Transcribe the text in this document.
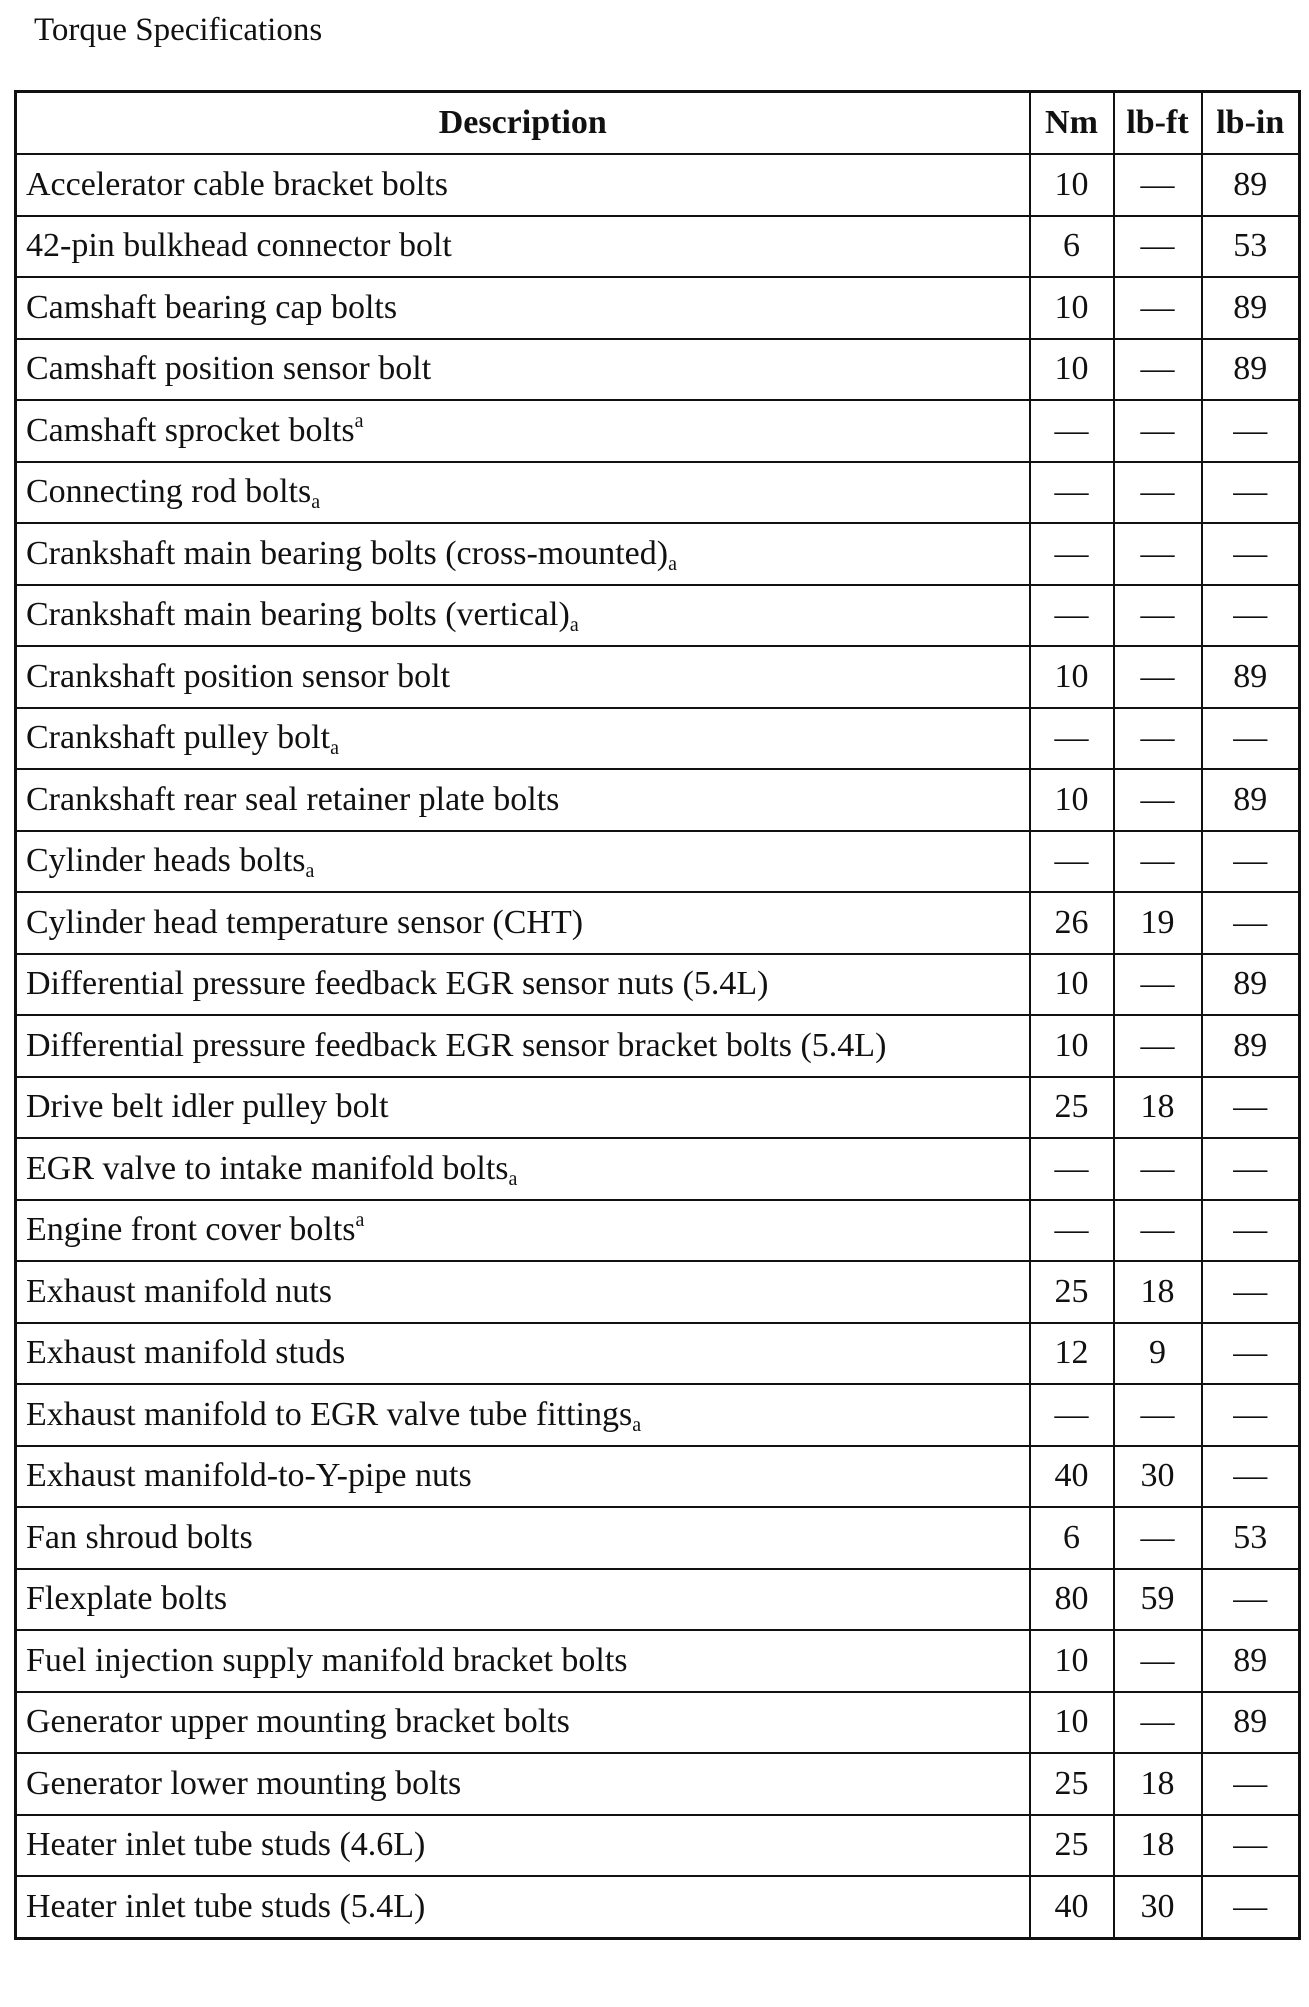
Torque Specifications
Description	Nm	lb-ft	lb-in
Accelerator cable bracket bolts	10	—	89
42-pin bulkhead connector bolt	6	—	53
Camshaft bearing cap bolts	10	—	89
Camshaft position sensor bolt	10	—	89
Camshaft sprocket bolts$^a$	—	—	—
Connecting rod boltsa	—	—	—
Crankshaft main bearing bolts (cross-mounted)a	—	—	—
Crankshaft main bearing bolts (vertical)a	—	—	—
Crankshaft position sensor bolt	10	—	89
Crankshaft pulley bolta	—	—	—
Crankshaft rear seal retainer plate bolts	10	—	89
Cylinder heads boltsa	—	—	—
Cylinder head temperature sensor (CHT)	26	19	—
Differential pressure feedback EGR sensor nuts (5.4L)	10	—	89
Differential pressure feedback EGR sensor bracket bolts (5.4L)	10	—	89
Drive belt idler pulley bolt	25	18	—
EGR valve to intake manifold boltsa	—	—	—
Engine front cover bolts$^a$	—	—	—
Exhaust manifold nuts	25	18	—
Exhaust manifold studs	12	9	—
Exhaust manifold to EGR valve tube fittingsa	—	—	—
Exhaust manifold-to-Y-pipe nuts	40	30	—
Fan shroud bolts	6	—	53
Flexplate bolts	80	59	—
Fuel injection supply manifold bracket bolts	10	—	89
Generator upper mounting bracket bolts	10	—	89
Generator lower mounting bolts	25	18	—
Heater inlet tube studs (4.6L)	25	18	—
Heater inlet tube studs (5.4L)	40	30	—
